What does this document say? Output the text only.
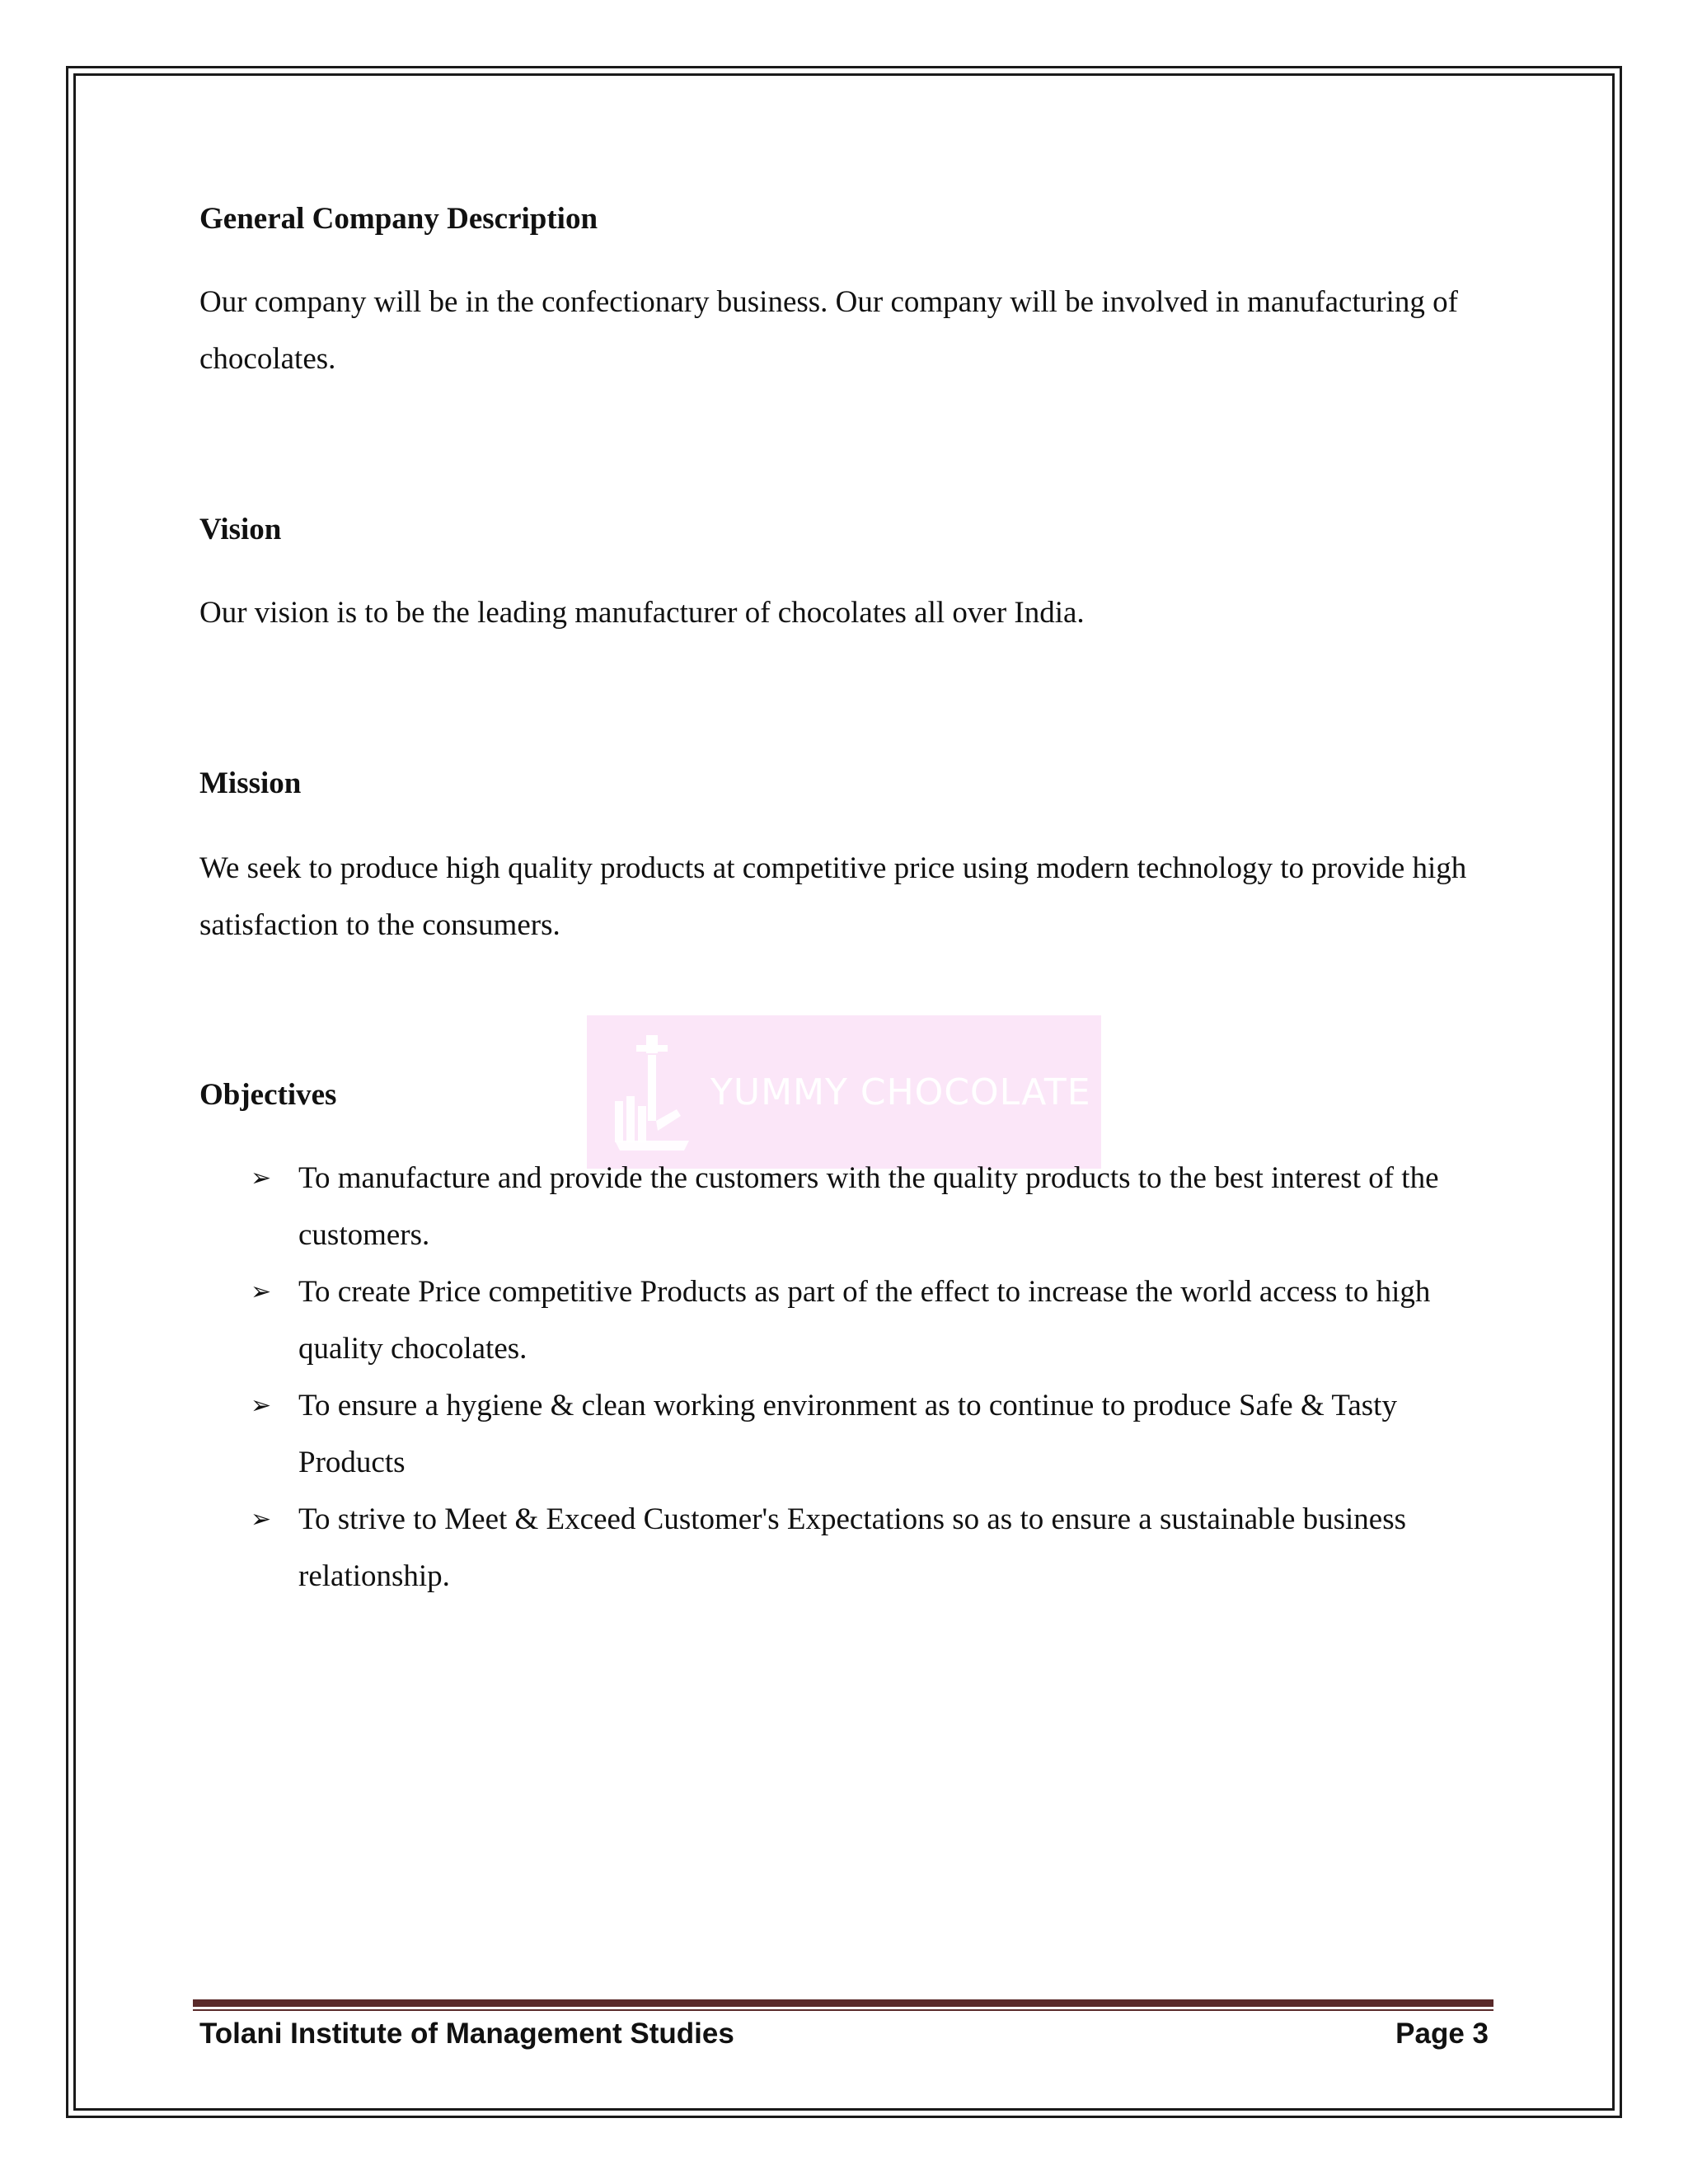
YUMMY CHOCOLATE
General Company Description

Our company will be in the confectionary business. Our company will be involved in manufacturing of chocolates.

Vision

Our vision is to be the leading manufacturer of chocolates all over India.

Mission

We seek to produce high quality products at competitive price using modern technology to provide high satisfaction to the consumers.

Objectives
➢ To manufacture and provide the customers with the quality products to the best interest of the customers.
➢ To create Price competitive Products as part of the effect to increase the world access to high quality chocolates.
➢ To ensure a hygiene & clean working environment as to continue to produce Safe & Tasty Products
➢ To strive to Meet & Exceed Customer's Expectations so as to ensure a sustainable business relationship.
Tolani Institute of Management Studies	Page 3
